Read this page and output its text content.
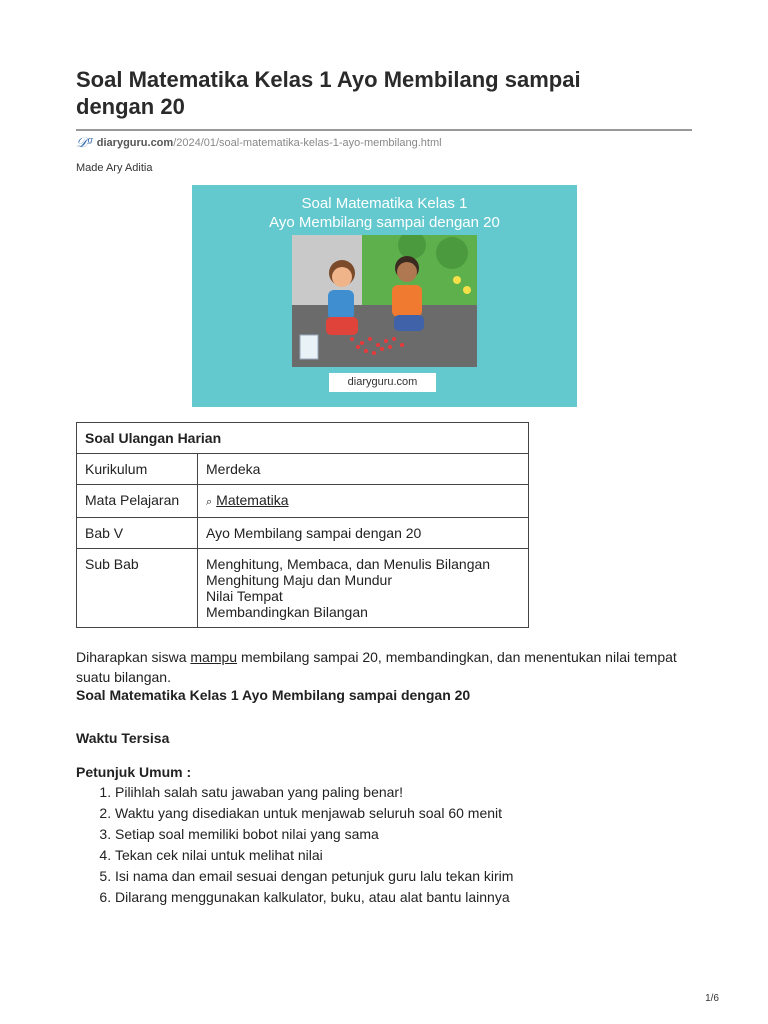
Soal Matematika Kelas 1 Ayo Membilang sampai dengan 20
𝒟ᵍ diaryguru.com /2024/01/soal-matematika-kelas-1-ayo-membilang.html
Made Ary Aditia
Soal Matematika Kelas 1
Ayo Membilang sampai dengan 20
diaryguru.com
Soal Ulangan Harian	
Kurikulum	Merdeka
Mata Pelajaran	⌕ Matematika
Bab V	Ayo Membilang sampai dengan 20
Sub Bab	Menghitung, Membaca, dan Menulis Bilangan
Menghitung Maju dan Mundur
Nilai Tempat
Membandingkan Bilangan
Diharapkan siswa mampu membilang sampai 20, membandingkan, dan menentukan nilai tempat suatu bilangan.
Soal Matematika Kelas 1 Ayo Membilang sampai dengan 20
Waktu Tersisa
Petunjuk Umum :
1. Pilihlah salah satu jawaban yang paling benar!
2. Waktu yang disediakan untuk menjawab seluruh soal 60 menit
3. Setiap soal memiliki bobot nilai yang sama
4. Tekan cek nilai untuk melihat nilai
5. Isi nama dan email sesuai dengan petunjuk guru lalu tekan kirim
6. Dilarang menggunakan kalkulator, buku, atau alat bantu lainnya
1/6
